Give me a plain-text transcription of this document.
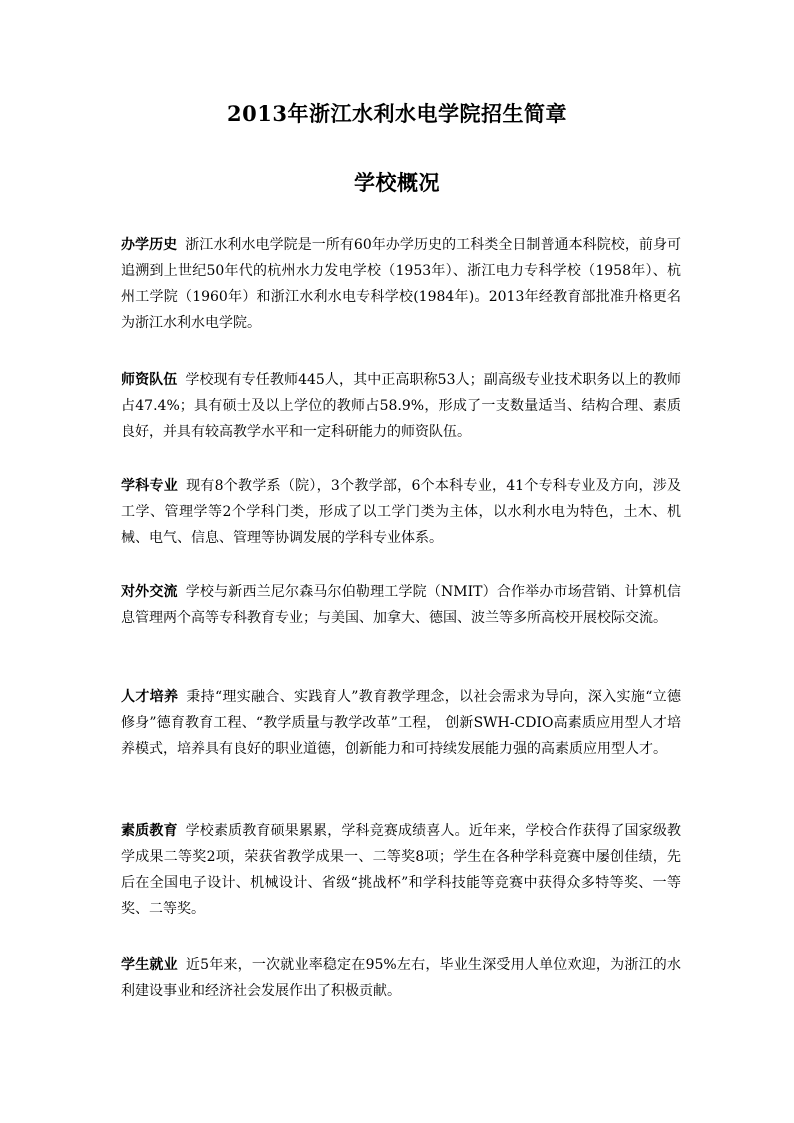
2013年浙江水利水电学院招生简章
学校概况
办学历史 浙江水利水电学院是一所有60年办学历史的工科类全日制普通本科院校，前身可追溯到上世纪50年代的杭州水力发电学校（1953年）、浙江电力专科学校（1958年）、杭州工学院（1960年）和浙江水利水电专科学校(1984年)。2013年经教育部批准升格更名为浙江水利水电学院。
师资队伍 学校现有专任教师445人，其中正高职称53人；副高级专业技术职务以上的教师占47.4%；具有硕士及以上学位的教师占58.9%，形成了一支数量适当、结构合理、素质良好，并具有较高教学水平和一定科研能力的师资队伍。
学科专业 现有8个教学系（院），3个教学部，6个本科专业，41个专科专业及方向，涉及工学、管理学等2个学科门类，形成了以工学门类为主体，以水利水电为特色，土木、机械、电气、信息、管理等协调发展的学科专业体系。
对外交流 学校与新西兰尼尔森马尔伯勒理工学院（NMIT）合作举办市场营销、计算机信息管理两个高等专科教育专业；与美国、加拿大、德国、波兰等多所高校开展校际交流。
人才培养 秉持“理实融合、实践育人”教育教学理念，以社会需求为导向，深入实施“立德修身”德育教育工程、“教学质量与教学改革”工程， 创新SWH-CDIO高素质应用型人才培养模式，培养具有良好的职业道德，创新能力和可持续发展能力强的高素质应用型人才。
素质教育 学校素质教育硕果累累，学科竞赛成绩喜人。近年来，学校合作获得了国家级教学成果二等奖2项，荣获省教学成果一、二等奖8项；学生在各种学科竞赛中屡创佳绩，先后在全国电子设计、机械设计、省级“挑战杯”和学科技能等竞赛中获得众多特等奖、一等奖、二等奖。
学生就业 近5年来，一次就业率稳定在95%左右，毕业生深受用人单位欢迎，为浙江的水利建设事业和经济社会发展作出了积极贡献。
